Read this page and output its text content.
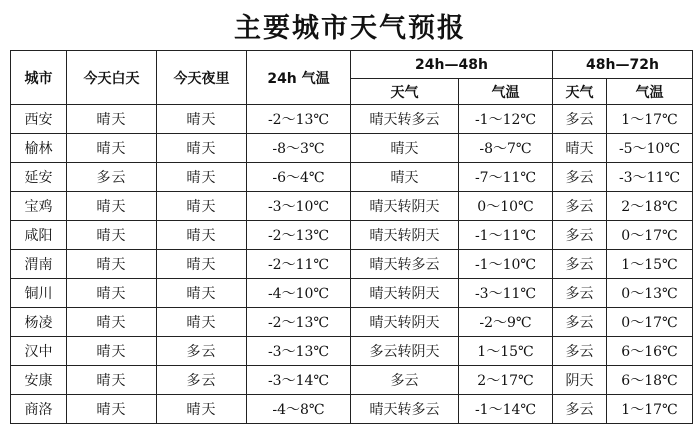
主要城市天气预报
城市	今天白天	今天夜里	24h 气温	24h—48h		48h—72h	
				天气	气温	天气	气温
西安	晴天	晴天	-2～13℃	晴天转多云	-1～12℃	多云	1～17℃
榆林	晴天	晴天	-8～3℃	晴天	-8～7℃	晴天	-5～10℃
延安	多云	晴天	-6～4℃	晴天	-7～11℃	多云	-3～11℃
宝鸡	晴天	晴天	-3～10℃	晴天转阴天	0～10℃	多云	2～18℃
咸阳	晴天	晴天	-2～13℃	晴天转阴天	-1～11℃	多云	0～17℃
渭南	晴天	晴天	-2～11℃	晴天转多云	-1～10℃	多云	1～15℃
铜川	晴天	晴天	-4～10℃	晴天转阴天	-3～11℃	多云	0～13℃
杨凌	晴天	晴天	-2～13℃	晴天转阴天	-2～9℃	多云	0～17℃
汉中	晴天	多云	-3～13℃	多云转阴天	1～15℃	多云	6～16℃
安康	晴天	多云	-3～14℃	多云	2～17℃	阴天	6～18℃
商洛	晴天	晴天	-4～8℃	晴天转多云	-1～14℃	多云	1～17℃
